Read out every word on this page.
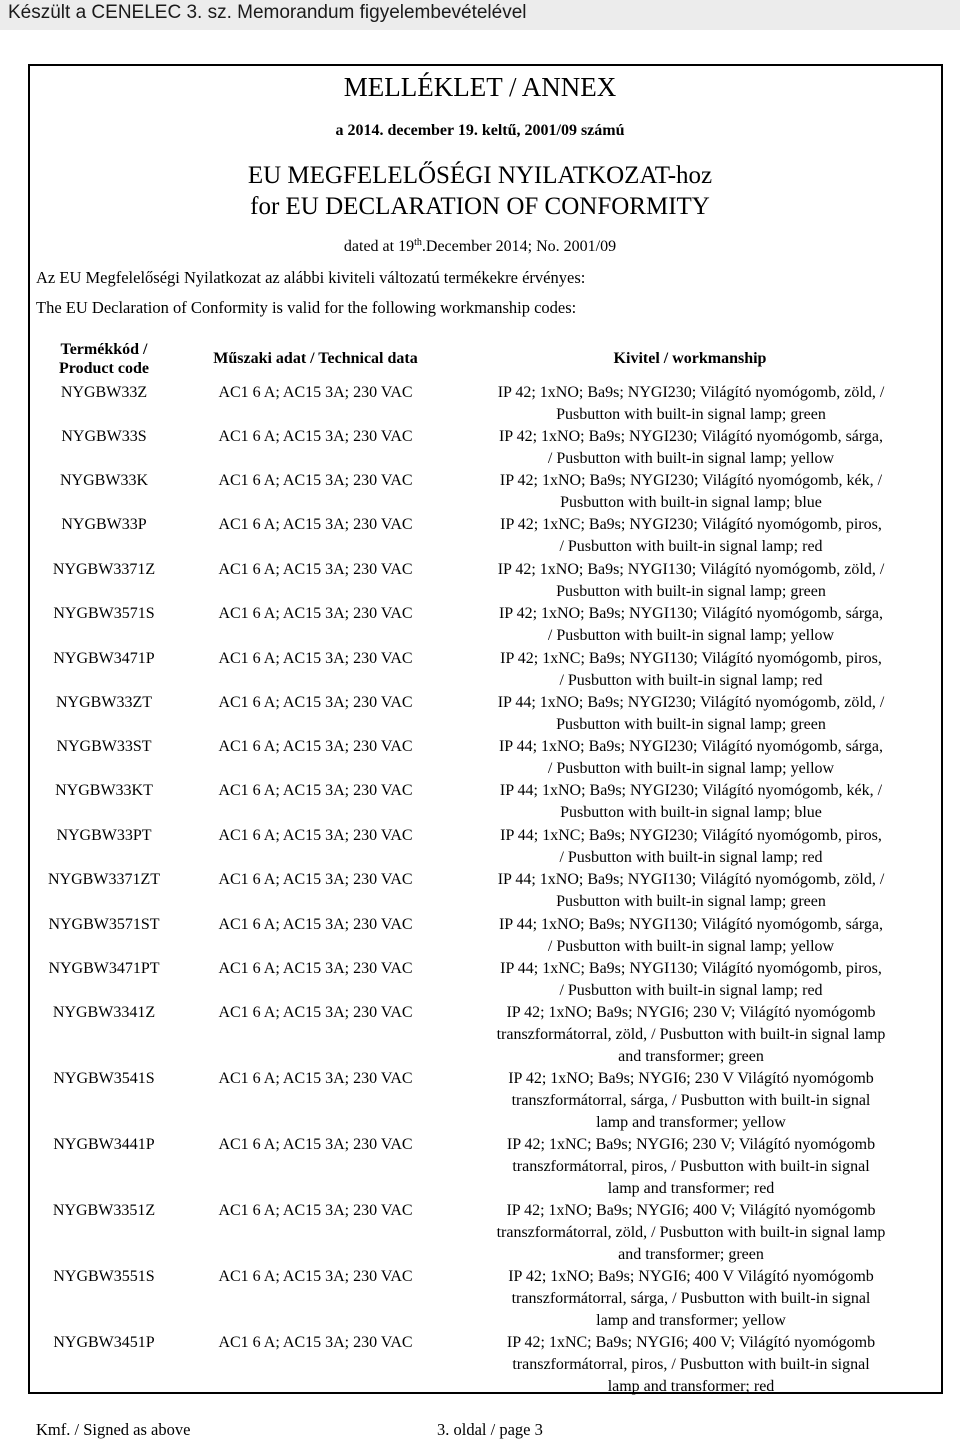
Készült a CENELEC 3. sz. Memorandum figyelembevételével
MELLÉKLET / ANNEX
a 2014. december 19. keltű, 2001/09 számú
EU MEGFELELŐSÉGI NYILATKOZAT-hoz
for EU DECLARATION OF CONFORMITY
dated at 19th.December 2014; No. 2001/09
Az EU Megfelelőségi Nyilatkozat az alábbi kiviteli változatú termékekre érvényes:
The EU Declaration of Conformity is valid for the following workmanship codes:
Termékkód /
Product code
Műszaki adat / Technical data	Kivitel / workmanship
NYGBW33Z	AC1 6 A; AC15 3A; 230 VAC	IP 42; 1xNO; Ba9s; NYGI230; Világító nyomógomb, zöld, /
Pusbutton with built-in signal lamp; green
NYGBW33S	AC1 6 A; AC15 3A; 230 VAC	IP 42; 1xNO; Ba9s; NYGI230; Világító nyomógomb, sárga,
/ Pusbutton with built-in signal lamp; yellow
NYGBW33K	AC1 6 A; AC15 3A; 230 VAC	IP 42; 1xNO; Ba9s; NYGI230; Világító nyomógomb, kék, /
Pusbutton with built-in signal lamp; blue
NYGBW33P	AC1 6 A; AC15 3A; 230 VAC	IP 42; 1xNC; Ba9s; NYGI230; Világító nyomógomb, piros,
/ Pusbutton with built-in signal lamp; red
NYGBW3371Z	AC1 6 A; AC15 3A; 230 VAC	IP 42; 1xNO; Ba9s; NYGI130; Világító nyomógomb, zöld, /
Pusbutton with built-in signal lamp; green
NYGBW3571S	AC1 6 A; AC15 3A; 230 VAC	IP 42; 1xNO; Ba9s; NYGI130; Világító nyomógomb, sárga,
/ Pusbutton with built-in signal lamp; yellow
NYGBW3471P	AC1 6 A; AC15 3A; 230 VAC	IP 42; 1xNC; Ba9s; NYGI130; Világító nyomógomb, piros,
/ Pusbutton with built-in signal lamp; red
NYGBW33ZT	AC1 6 A; AC15 3A; 230 VAC	IP 44; 1xNO; Ba9s; NYGI230; Világító nyomógomb, zöld, /
Pusbutton with built-in signal lamp; green
NYGBW33ST	AC1 6 A; AC15 3A; 230 VAC	IP 44; 1xNO; Ba9s; NYGI230; Világító nyomógomb, sárga,
/ Pusbutton with built-in signal lamp; yellow
NYGBW33KT	AC1 6 A; AC15 3A; 230 VAC	IP 44; 1xNO; Ba9s; NYGI230; Világító nyomógomb, kék, /
Pusbutton with built-in signal lamp; blue
NYGBW33PT	AC1 6 A; AC15 3A; 230 VAC	IP 44; 1xNC; Ba9s; NYGI230; Világító nyomógomb, piros,
/ Pusbutton with built-in signal lamp; red
NYGBW3371ZT	AC1 6 A; AC15 3A; 230 VAC	IP 44; 1xNO; Ba9s; NYGI130; Világító nyomógomb, zöld, /
Pusbutton with built-in signal lamp; green
NYGBW3571ST	AC1 6 A; AC15 3A; 230 VAC	IP 44; 1xNO; Ba9s; NYGI130; Világító nyomógomb, sárga,
/ Pusbutton with built-in signal lamp; yellow
NYGBW3471PT	AC1 6 A; AC15 3A; 230 VAC	IP 44; 1xNC; Ba9s; NYGI130; Világító nyomógomb, piros,
/ Pusbutton with built-in signal lamp; red
NYGBW3341Z	AC1 6 A; AC15 3A; 230 VAC	IP 42; 1xNO; Ba9s; NYGI6; 230 V; Világító nyomógomb
transzformátorral, zöld, / Pusbutton with built-in signal lamp
and transformer; green
NYGBW3541S	AC1 6 A; AC15 3A; 230 VAC	IP 42; 1xNO; Ba9s; NYGI6; 230 V Világító nyomógomb
transzformátorral, sárga, / Pusbutton with built-in signal
lamp and transformer; yellow
NYGBW3441P	AC1 6 A; AC15 3A; 230 VAC	IP 42; 1xNC; Ba9s; NYGI6; 230 V; Világító nyomógomb
transzformátorral, piros, / Pusbutton with built-in signal
lamp and transformer; red
NYGBW3351Z	AC1 6 A; AC15 3A; 230 VAC	IP 42; 1xNO; Ba9s; NYGI6; 400 V; Világító nyomógomb
transzformátorral, zöld, / Pusbutton with built-in signal lamp
and transformer; green
NYGBW3551S	AC1 6 A; AC15 3A; 230 VAC	IP 42; 1xNO; Ba9s; NYGI6; 400 V Világító nyomógomb
transzformátorral, sárga, / Pusbutton with built-in signal
lamp and transformer; yellow
NYGBW3451P	AC1 6 A; AC15 3A; 230 VAC	IP 42; 1xNC; Ba9s; NYGI6; 400 V; Világító nyomógomb
transzformátorral, piros, / Pusbutton with built-in signal
lamp and transformer; red
Kmf. / Signed as above	3. oldal / page 3
